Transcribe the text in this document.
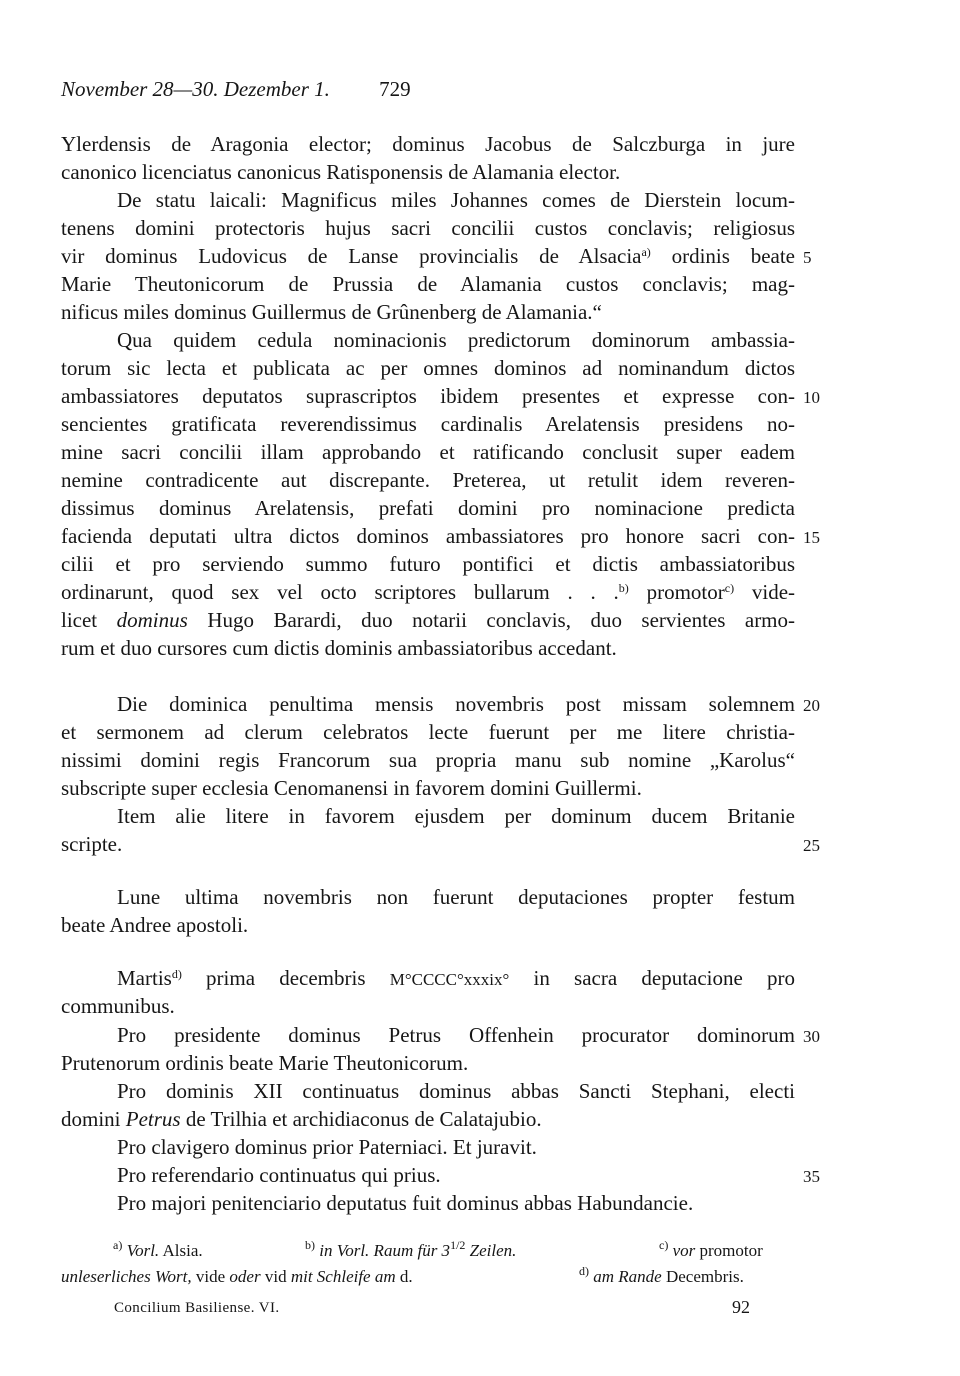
November 28—30. Dezember 1. 729
Ylerdensis de Aragonia elector; dominus Jacobus de Salczburga in jure
canonico licenciatus canonicus Ratisponensis de Alamania elector.
De statu laicali: Magnificus miles Johannes comes de Dierstein locum-
tenens domini protectoris hujus sacri concilii custos conclavis; religiosus
vir dominus Ludovicus de Lanse provincialis de Alsacia$^{a)}$ ordinis beate 5
Marie Theutonicorum de Prussia de Alamania custos conclavis; mag-
nificus miles dominus Guillermus de Grûnenberg de Alamania.“
Qua quidem cedula nominacionis predictorum dominorum ambassia-
torum sic lecta et publicata ac per omnes dominos ad nominandum dictos
ambassiatores deputatos suprascriptos ibidem presentes et expresse con- 10
sencientes gratificata reverendissimus cardinalis Arelatensis presidens no-
mine sacri concilii illam approbando et ratificando conclusit super eadem
nemine contradicente aut discrepante. Preterea, ut retulit idem reveren-
dissimus dominus Arelatensis, prefati domini pro nominacione predicta
facienda deputati ultra dictos dominos ambassiatores pro honore sacri con- 15
cilii et pro serviendo summo futuro pontifici et dictis ambassiatoribus
ordinarunt, quod sex vel octo scriptores bullarum . . .$^{b)}$ promotor$^{c)}$ vide-
licet dominus Hugo Barardi, duo notarii conclavis, duo servientes armo-
rum et duo cursores cum dictis dominis ambassiatoribus accedant.
Die dominica penultima mensis novembris post missam solemnem 20
et sermonem ad clerum celebratos lecte fuerunt per me litere christia-
nissimi domini regis Francorum sua propria manu sub nomine „Karolus“
subscripte super ecclesia Cenomanensi in favorem domini Guillermi.
Item alie litere in favorem ejusdem per dominum ducem Britanie
scripte.	25
Lune ultima novembris non fuerunt deputaciones propter festum
beate Andree apostoli.
Martis$^{d)}$ prima decembris M°CCCC°xxxix° in sacra deputacione pro
communibus.
Pro presidente dominus Petrus Offenhein procurator dominorum 30
Prutenorum ordinis beate Marie Theutonicorum.
Pro dominis XII continuatus dominus abbas Sancti Stephani, electi
domini Petrus de Trilhia et archidiaconus de Calatajubio.
Pro clavigero dominus prior Paterniaci. Et juravit.
Pro referendario continuatus qui prius.	35
Pro majori penitenciario deputatus fuit dominus abbas Habundancie.
$^{a)}$ Vorl. Alsia.	$^{b)}$ in Vorl. Raum für $3^{1/2}$ Zeilen.	$^{c)}$ vor promotor
unleserliches Wort, vide oder vid mit Schleife am d.	$^{d)}$ am Rande Decembris.
Concilium Basiliense. VI.	92
